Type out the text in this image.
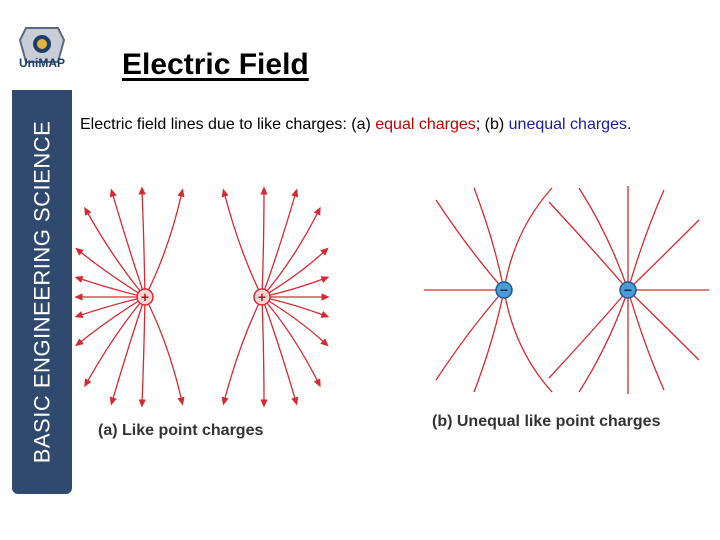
BASIC ENGINEERING SCIENCE
UniMAP Electric Field
Electric field lines due to like charges: (a) equal charges; (b) unequal charges.
+	+	−	−
(a) Like point charges
(b) Unequal like point charges
